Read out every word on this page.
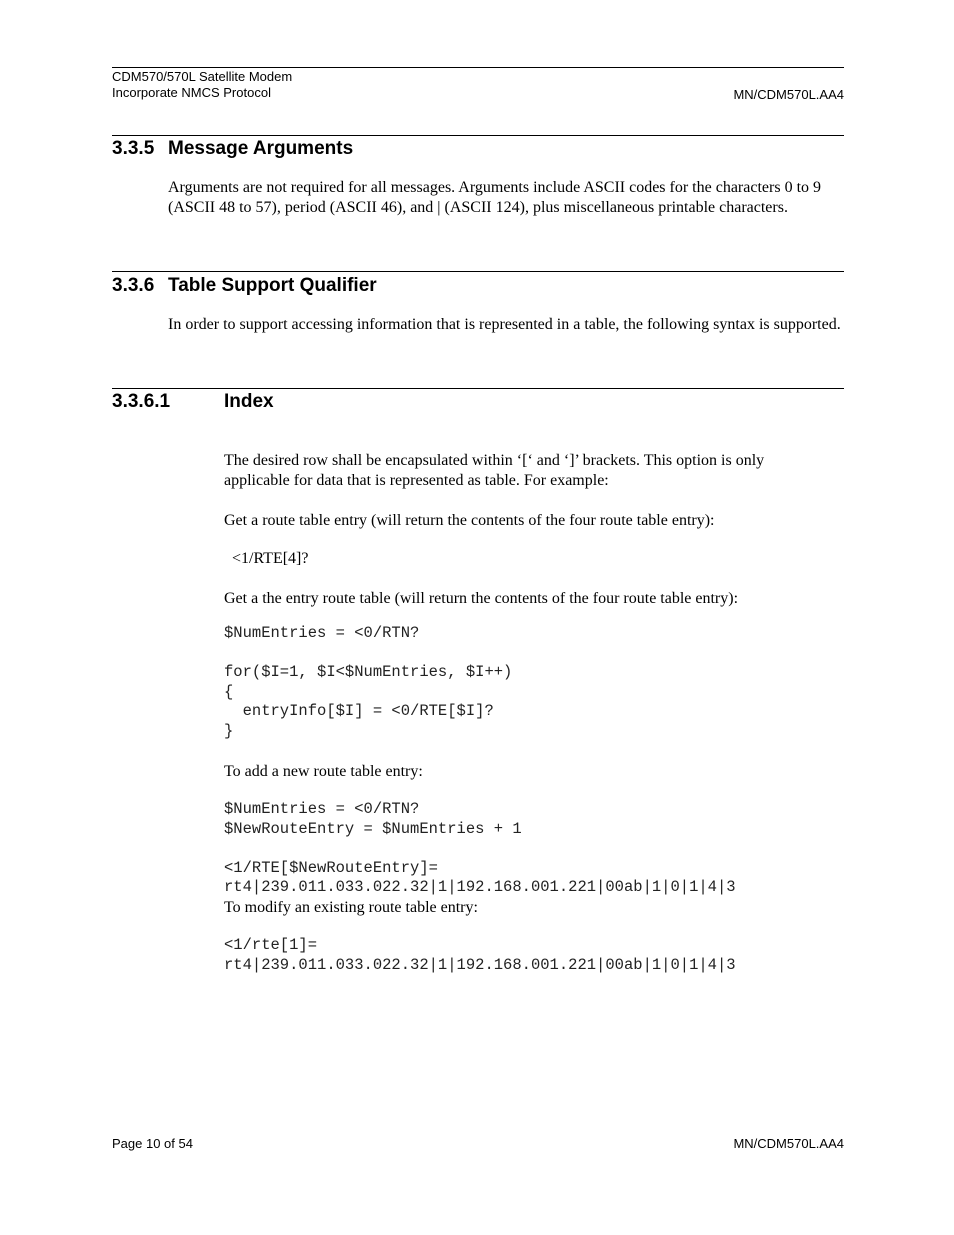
CDM570/570L Satellite Modem
Incorporate NMCS Protocol	MN/CDM570L.AA4
3.3.5 Message Arguments
Arguments are not required for all messages. Arguments include ASCII codes for the characters 0 to 9 (ASCII 48 to 57), period (ASCII 46), and | (ASCII 124), plus miscellaneous printable characters.
3.3.6 Table Support Qualifier
In order to support accessing information that is represented in a table, the following syntax is supported.
3.3.6.1	Index
The desired row shall be encapsulated within ‘[‘ and ‘]’ brackets. This option is only applicable for data that is represented as table. For example:
Get a route table entry (will return the contents of the four route table entry):
<1/RTE[4]?
Get a the entry route table (will return the contents of the four route table entry):
$NumEntries = <0/RTN?

for($I=1, $I<$NumEntries, $I++)
{
entryInfo[$I] = <0/RTE[$I]?
}
To add a new route table entry:
$NumEntries = <0/RTN?
$NewRouteEntry = $NumEntries + 1

<1/RTE[$NewRouteEntry]=
rt4|239.011.033.022.32|1|192.168.001.221|00ab|1|0|1|4|3
To modify an existing route table entry:
<1/rte[1]=
rt4|239.011.033.022.32|1|192.168.001.221|00ab|1|0|1|4|3
Page 10 of 54	MN/CDM570L.AA4
